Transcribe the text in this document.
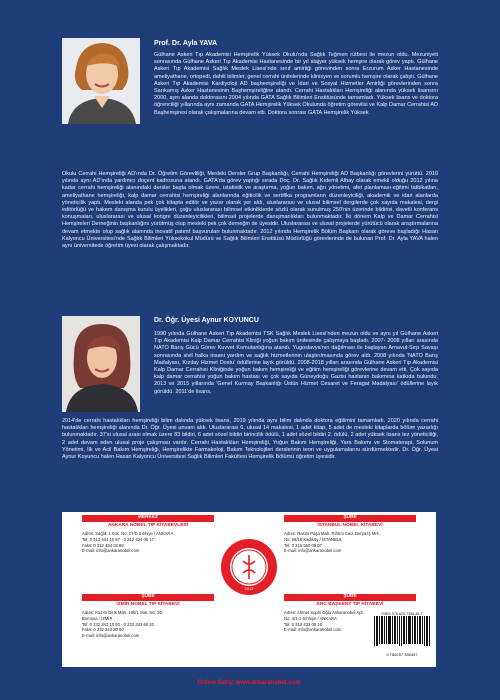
Prof. Dr. Ayla YAVA
Gülhane Askeri Tıp Akademisi Hemşirelik Yüksek Okulu'nda Sağlık Teğmen rütbesi ile mezun oldu. Mezuniyeti sonrasında Gülhane Askeri Tıp Akademisi Hastanesinde bir yıl stajyer yüksek hemşire olarak görev yaptı. Gülhane Askeri Tıp Akademisi Sağlık Meslek Lisesi'nde sınıf amirliği görevinden sonra Erzurum Asker Hastanesinde ameliyathane, ortopedi, dahili bilimler, genel cerrahi ünitelerinde klinisyen ve sorumlu hemşire olarak çalıştı. Gülhane Askeri Tıp Akademisi Kardiyoloji AD başhemşireliği ve İdari ve Sosyal Hizmetler Amirliği görevlerinden sonra Sarıkamış Asker Hastanesinin Başhemşireliğine atandı. Cerrahi Hastalıkları Hemşireliği alanında yüksek lisansını 2000, aynı alanda doktorasını 2004 yılında GATA Sağlık Bilimleri Enstitüsünde tamamladı. Yüksek lisans ve doktora öğrenciliği yıllarında aynı zamanda GATA Hemşirelik Yüksek Okulunda öğretim görevlisi ve Kalp Damar Cerrahisi AD Başhemşiresi olarak çalışmalarına devam etti. Doktora sonrası GATA Hemşirelik Yüksek
Okulu Cerrahi Hemşireliği AD'ında Dr. Öğretim Görevliliği, Mesleki Dersler Grup Başkanlığı, Cerrahi Hemşireliği AD Başkanlığı görevlerini yürüttü. 2010 yılında aynı AD'ında yardımcı doçent kadrosuna atandı. GATA'da görev yaptığı sırada Doç. Dr. Sağlık Kıdemli Albay olarak emekli olduğu 2012 yılına kadar cerrahi hemşireliği alanındaki dersler başta olmak üzere, istatistik ve araştırma, yoğun bakım, ağrı yönetimi, afet planlaması-eğitimi tatbikatları, ameliyathane hemşireliği, kalp damar cerrahisi hemşireliği alanlarında eğiticilik ve sertifika programların düzenleyiciliği, akademik ve idari alanlarda yöneticilik yaptı. Mesleki alanda pek çok kitapta editör ve yazar olarak yer aldı, uluslararası ve ulusal bilimsel dergilerde çok sayıda makalesi, dergi editörlüğü ve hakem danışma kurulu üyelikleri, çoğu uluslararası bilimsel etkinliklerde sözlü olarak sunulmuş 250'nin üzerinde bildirisi, davetli konferans konuşmaları, uluslararası ve ulusal kongre düzenleyicilikleri, bilimsel projelerde danışmanlıkları bulunmaktadır. İki dönem Kalp ve Damar Cerrahisi Hemşireleri Derneğinin başkanlığını yürütmüş olup mesleki pek çok derneğin de üyesidir. Uluslararası ve ulusal projelerde yürütücü olarak araştırmalarına devam etmekte olup sağlık alanında inovatif patent başvuruları bulunmaktadır. 2012 yılında Hemşirelik Bölüm Başkanı olarak göreve başladığı Hasan Kalyoncu Üniversitesi'nde Sağlık Bilimleri Yüksekokul Müdürü ve Sağlık Bilimleri Enstitüsü Müdürlüğü görevlerinde de bulunan Prof. Dr. Ayla YAVA halen aynı üniversitede öğretim üyesi olarak çalışmaktadır.
Dr. Öğr. Üyesi Aynur KOYUNCU
1990 yılında Gülhane Askeri Tıp Akademisi TSK Sağlık Meslek Lisesi'nden mezun oldu ve aynı yıl Gülhane Askeri Tıp Akademisi Kalp Damar Cerrahisi Kliniği yoğun bakım ünitesinde çalışmaya başladı. 2007- 2008 yılları arasında NATO Barış Gücü Görev Kuvvet Komutanlığına atandı. Yugoslavya'nın dağılması ile başlayan Arnavut-Sırp Savaşı sonrasında sivil halka insani yardım ve sağlık hizmetlerinin ulaştırılmasında görev aldı. 2008 yılında 'NATO Barış Madalyası, Kızılay Hizmet Dostu' ödüllerine layık görüldü. 2008-2018 yılları arasında Gülhane Askeri Tıp Akademisi Kalp Damar Cerrahisi Kliniğinde yoğun bakım hemşireliği ve eğitim hemşireliği görevlerine devam etti. Çok sayıda kalp damar cerrahisi yoğun bakım hastası ve çok sayıda Güneydoğu Gazisi hastanın bakımına katkıda bulundu. 2013 ve 2015 yıllarında 'Genel Kurmay Başkanlığı Üstün Hizmet Cesaret ve Feragat Madalyası' ödüllerine layık görüldü. 2011'de lisans,
2014'de cerrahi hastalıkları hemşireliği bilim dalında yüksek lisans, 2019 yılında aynı bilim dalında doktora eğitimini tamamladı. 2020 yılında cerrahi hastalıkları hemşireliği alanında Dr. Öğr. Üyesi unvanı aldı. Uluslararası 6, ulusal 14 makalesi, 1 adet kitap, 5 adet de mesleki kitaplarda bölüm yazarlığı bulunmaktadır. 37'si ulusal arası olmak üzere 83 bildiri, 6 adet sözel bildiri birincilik ödülü, 1 adet sözel bildiri 2. ödülü, 2 adet yüksek lisans tez yöneticiliği, 2 adet devam eden ulusal proje çalışması vardır. Cerrahi Hastalıkları Hemşireliği, Yoğun Bakım Hemşireliği, Yara Bakımı ve Stomaterapi, Solunum Yönetimi, İlk ve Acil Bakım Hemşireliği, Hemşirelikte Farmakoloji, Bakım Teknolojileri derslerinin teori ve uygulamalarını sürdürmektedir. Dr. Öğr. Üyesi Aynur Koyuncu halen Hasan Kalyoncu Üniversitesi Sağlık Bilimleri Fakültesi Hemşirelik Bölümü öğretim üyesidir.
MERKEZ
ANKARA NOBEL TIP KİTABEVLERİ
Adres: Sağlık 1 Sok. No: 17/D Sıhhiye / ANKARA
Tel: 0 312 434 10 87 - 0 312 434 05 17
Faks: 0 312 434 02 99
E-mail: info@ankaranobel.com
ŞUBE
İSTANBUL NOBEL KİTABEVİ
Adres: Rasim Paşa Mah. Rıhtım Cad. Derya İş Mrk.
No: 28/16 Kadıköy / İSTANBUL
Tel: 0 216 550 09 07
E-mail: info@ankaranobel.com
2012
ŞUBE
İZMİR NOBEL TIP KİTABEVİ
Adres: Kazım Dirik Mah. 186/1 Sok. No: 3D
Bornova / İZMİR
Tel: 0 232 343 10 50 - 0 232 343 60 20
Faks: 0 232 343 20 60
E-mail: info@ankaranobel.com
ŞUBE
KRC BAŞKENT TIP KİTABEVİ
Adres: Ahmet Suphi Oğlu Ankaranobel Apt. No: 4/1-2 Sıhhiye / ANKARA
Tel: 0 312 432 05 16
E-mail: info@ankaranobel.com
ISBN: 978-625-7356-45-7
9 786257 356457
Online Satış: www.ankaranobel.com
